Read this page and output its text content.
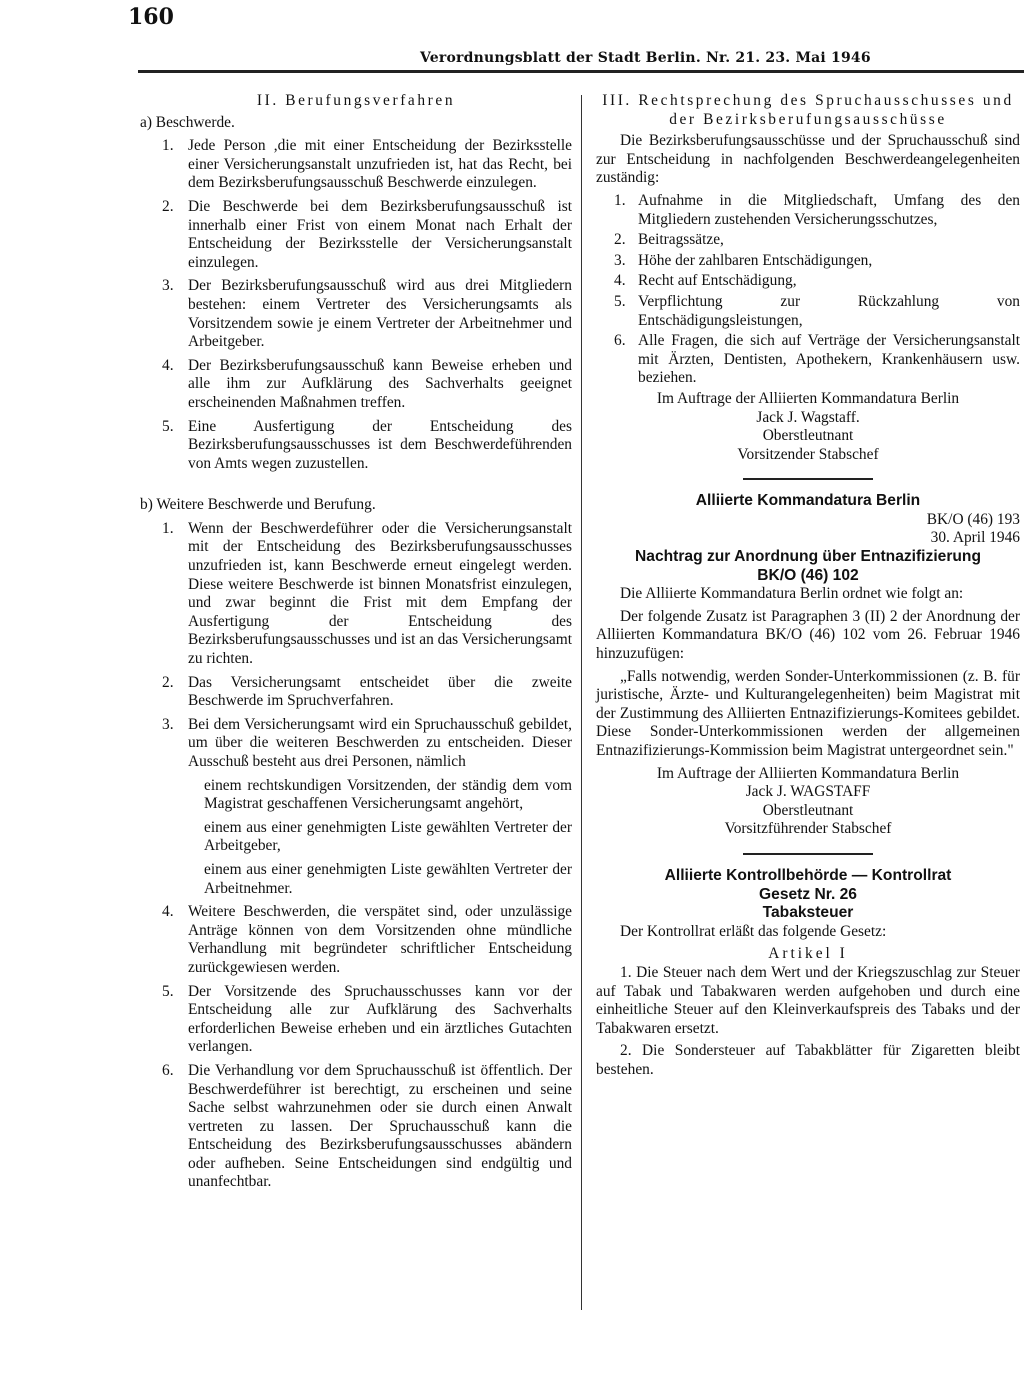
160
Verordnungsblatt der Stadt Berlin. Nr. 21. 23. Mai 1946
II. Berufungsverfahren
a) Beschwerde.
1. Jede Person ,die mit einer Entscheidung der Bezirksstelle einer Versicherungsanstalt unzufrieden ist, hat das Recht, bei dem Bezirksberufungsausschuß Beschwerde einzulegen.
2. Die Beschwerde bei dem Bezirksberufungsausschuß ist innerhalb einer Frist von einem Monat nach Erhalt der Entscheidung der Bezirksstelle der Versicherungsanstalt einzulegen.
3. Der Bezirksberufungsausschuß wird aus drei Mitgliedern bestehen: einem Vertreter des Versicherungsamts als Vorsitzendem sowie je einem Vertreter der Arbeitnehmer und Arbeitgeber.
4. Der Bezirksberufungsausschuß kann Beweise erheben und alle ihm zur Aufklärung des Sachverhalts geeignet erscheinenden Maßnahmen treffen.
5. Eine Ausfertigung der Entscheidung des Bezirksberufungsausschusses ist dem Beschwerdeführenden von Amts wegen zuzustellen.
b) Weitere Beschwerde und Berufung.
1. Wenn der Beschwerdeführer oder die Versicherungsanstalt mit der Entscheidung des Bezirksberufungsausschusses unzufrieden ist, kann Beschwerde erneut eingelegt werden. Diese weitere Beschwerde ist binnen Monatsfrist einzulegen, und zwar beginnt die Frist mit dem Empfang der Ausfertigung der Entscheidung des Bezirksberufungsausschusses und ist an das Versicherungsamt zu richten.
2. Das Versicherungsamt entscheidet über die zweite Beschwerde im Spruchverfahren.
3. Bei dem Versicherungsamt wird ein Spruchausschuß gebildet, um über die weiteren Beschwerden zu entscheiden. Dieser Ausschuß besteht aus drei Personen, nämlich
einem rechtskundigen Vorsitzenden, der ständig dem vom Magistrat geschaffenen Versicherungsamt angehört,
einem aus einer genehmigten Liste gewählten Vertreter der Arbeitgeber,
einem aus einer genehmigten Liste gewählten Vertreter der Arbeitnehmer.
4. Weitere Beschwerden, die verspätet sind, oder unzulässige Anträge können von dem Vorsitzenden ohne mündliche Verhandlung mit begründeter schriftlicher Entscheidung zurückgewiesen werden.
5. Der Vorsitzende des Spruchausschusses kann vor der Entscheidung alle zur Aufklärung des Sachverhalts erforderlichen Beweise erheben und ein ärztliches Gutachten verlangen.
6. Die Verhandlung vor dem Spruchausschuß ist öffentlich. Der Beschwerdeführer ist berechtigt, zu erscheinen und seine Sache selbst wahrzunehmen oder sie durch einen Anwalt vertreten zu lassen. Der Spruchausschuß kann die Entscheidung des Bezirksberufungsausschusses abändern oder aufheben. Seine Entscheidungen sind endgültig und unanfechtbar.
III. Rechtsprechung des Spruchausschusses und der Bezirksberufungsausschüsse
Die Bezirksberufungsausschüsse und der Spruchausschuß sind zur Entscheidung in nachfolgenden Beschwerdeangelegenheiten zuständig:
1. Aufnahme in die Mitgliedschaft, Umfang des den Mitgliedern zustehenden Versicherungsschutzes,
2. Beitragssätze,
3. Höhe der zahlbaren Entschädigungen,
4. Recht auf Entschädigung,
5. Verpflichtung zur Rückzahlung von Entschädigungsleistungen,
6. Alle Fragen, die sich auf Verträge der Versicherungsanstalt mit Ärzten, Dentisten, Apothekern, Krankenhäusern usw. beziehen.
Im Auftrage der Alliierten Kommandatura Berlin
Jack J. Wagstaff.
Oberstleutnant
Vorsitzender Stabschef
Alliierte Kommandatura Berlin
BK/O (46) 193
30. April 1946
Nachtrag zur Anordnung über Entnazifizierung
BK/O (46) 102
Die Alliierte Kommandatura Berlin ordnet wie folgt an:
Der folgende Zusatz ist Paragraphen 3 (II) 2 der Anordnung der Alliierten Kommandatura BK/O (46) 102 vom 26. Februar 1946 hinzuzufügen:
„Falls notwendig, werden Sonder-Unterkommissionen (z. B. für juristische, Ärzte- und Kulturangelegenheiten) beim Magistrat mit der Zustimmung des Alliierten Entnazifizierungs-Komitees gebildet. Diese Sonder-Unterkommissionen werden der allgemeinen Entnazifizierungs-Kommission beim Magistrat untergeordnet sein."
Im Auftrage der Alliierten Kommandatura Berlin
Jack J. WAGSTAFF
Oberstleutnant
Vorsitzführender Stabschef
Alliierte Kontrollbehörde — Kontrollrat
Gesetz Nr. 26
Tabaksteuer
Der Kontrollrat erläßt das folgende Gesetz:
Artikel I
1. Die Steuer nach dem Wert und der Kriegszuschlag zur Steuer auf Tabak und Tabakwaren werden aufgehoben und durch eine einheitliche Steuer auf den Kleinverkaufspreis des Tabaks und der Tabakwaren ersetzt.
2. Die Sondersteuer auf Tabakblätter für Zigaretten bleibt bestehen.
